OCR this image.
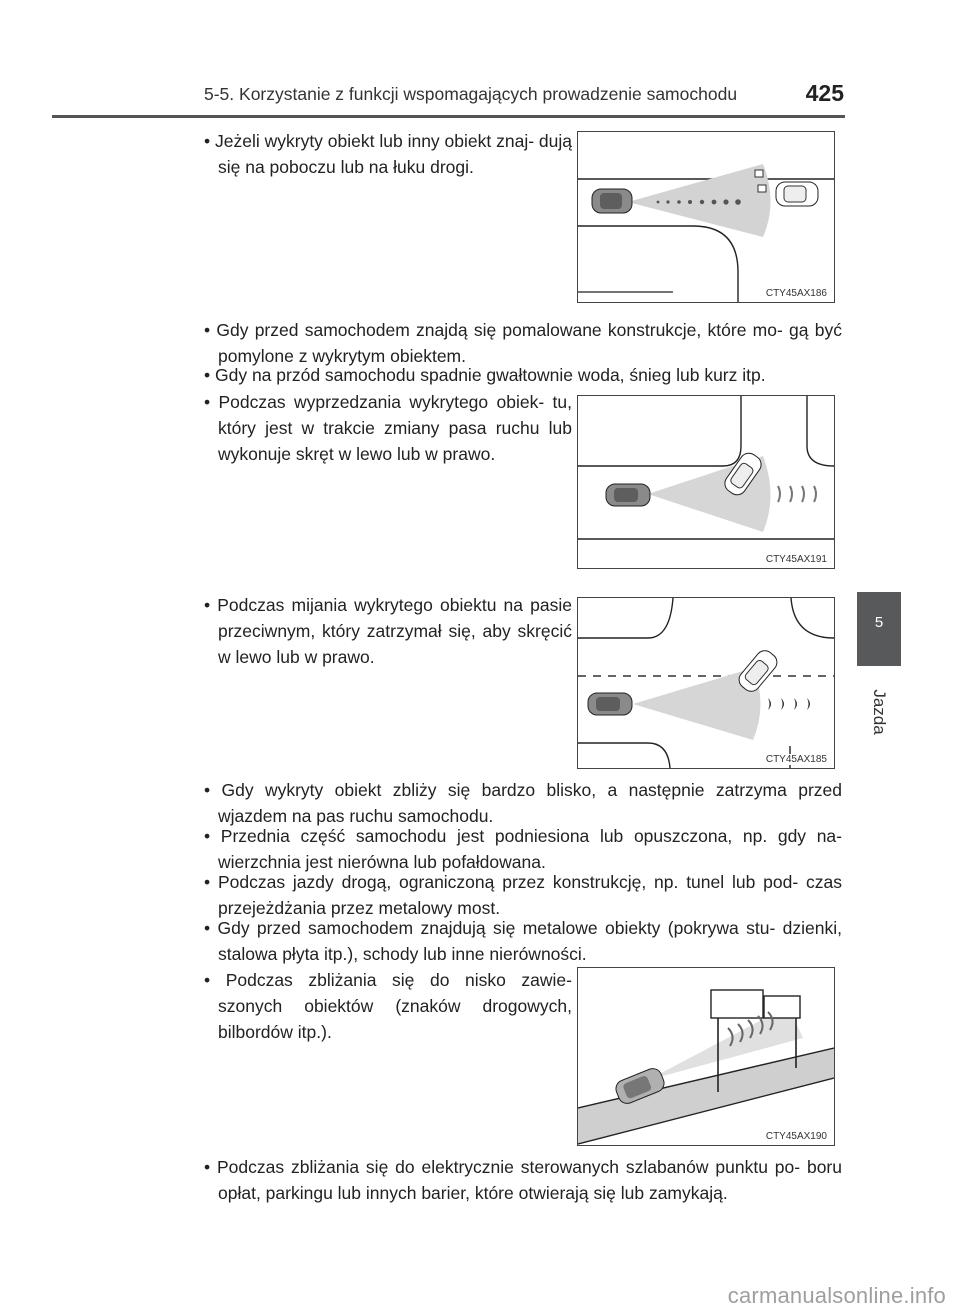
5-5. Korzystanie z funkcji wspomagających prowadzenie samochodu	425
5
Jazda

• Jeżeli wykryty obiekt lub inny obiekt znaj- dują się na poboczu lub na łuku drogi.

• Gdy przed samochodem znajdą się pomalowane konstrukcje, które mo- gą być pomylone z wykrytym obiektem.

• Gdy na przód samochodu spadnie gwałtownie woda, śnieg lub kurz itp.

• Podczas wyprzedzania wykrytego obiek- tu, który jest w trakcie zmiany pasa ruchu lub wykonuje skręt w lewo lub w prawo.

• Podczas mijania wykrytego obiektu na pasie przeciwnym, który zatrzymał się, aby skręcić w lewo lub w prawo.

• Gdy wykryty obiekt zbliży się bardzo blisko, a następnie zatrzyma przed wjazdem na pas ruchu samochodu.

• Przednia część samochodu jest podniesiona lub opuszczona, np. gdy na- wierzchnia jest nierówna lub pofałdowana.

• Podczas jazdy drogą, ograniczoną przez konstrukcję, np. tunel lub pod- czas przejeżdżania przez metalowy most.

• Gdy przed samochodem znajdują się metalowe obiekty (pokrywa stu- dzienki, stalowa płyta itp.), schody lub inne nierówności.

• Podczas zbliżania się do nisko zawie- szonych obiektów (znaków drogowych, bilbordów itp.).

• Podczas zbliżania się do elektrycznie sterowanych szlabanów punktu po- boru opłat, parkingu lub innych barier, które otwierają się lub zamykają.

CTY45AX186
CTY45AX191
CTY45AX185
CTY45AX190
carmanualsonline.info
